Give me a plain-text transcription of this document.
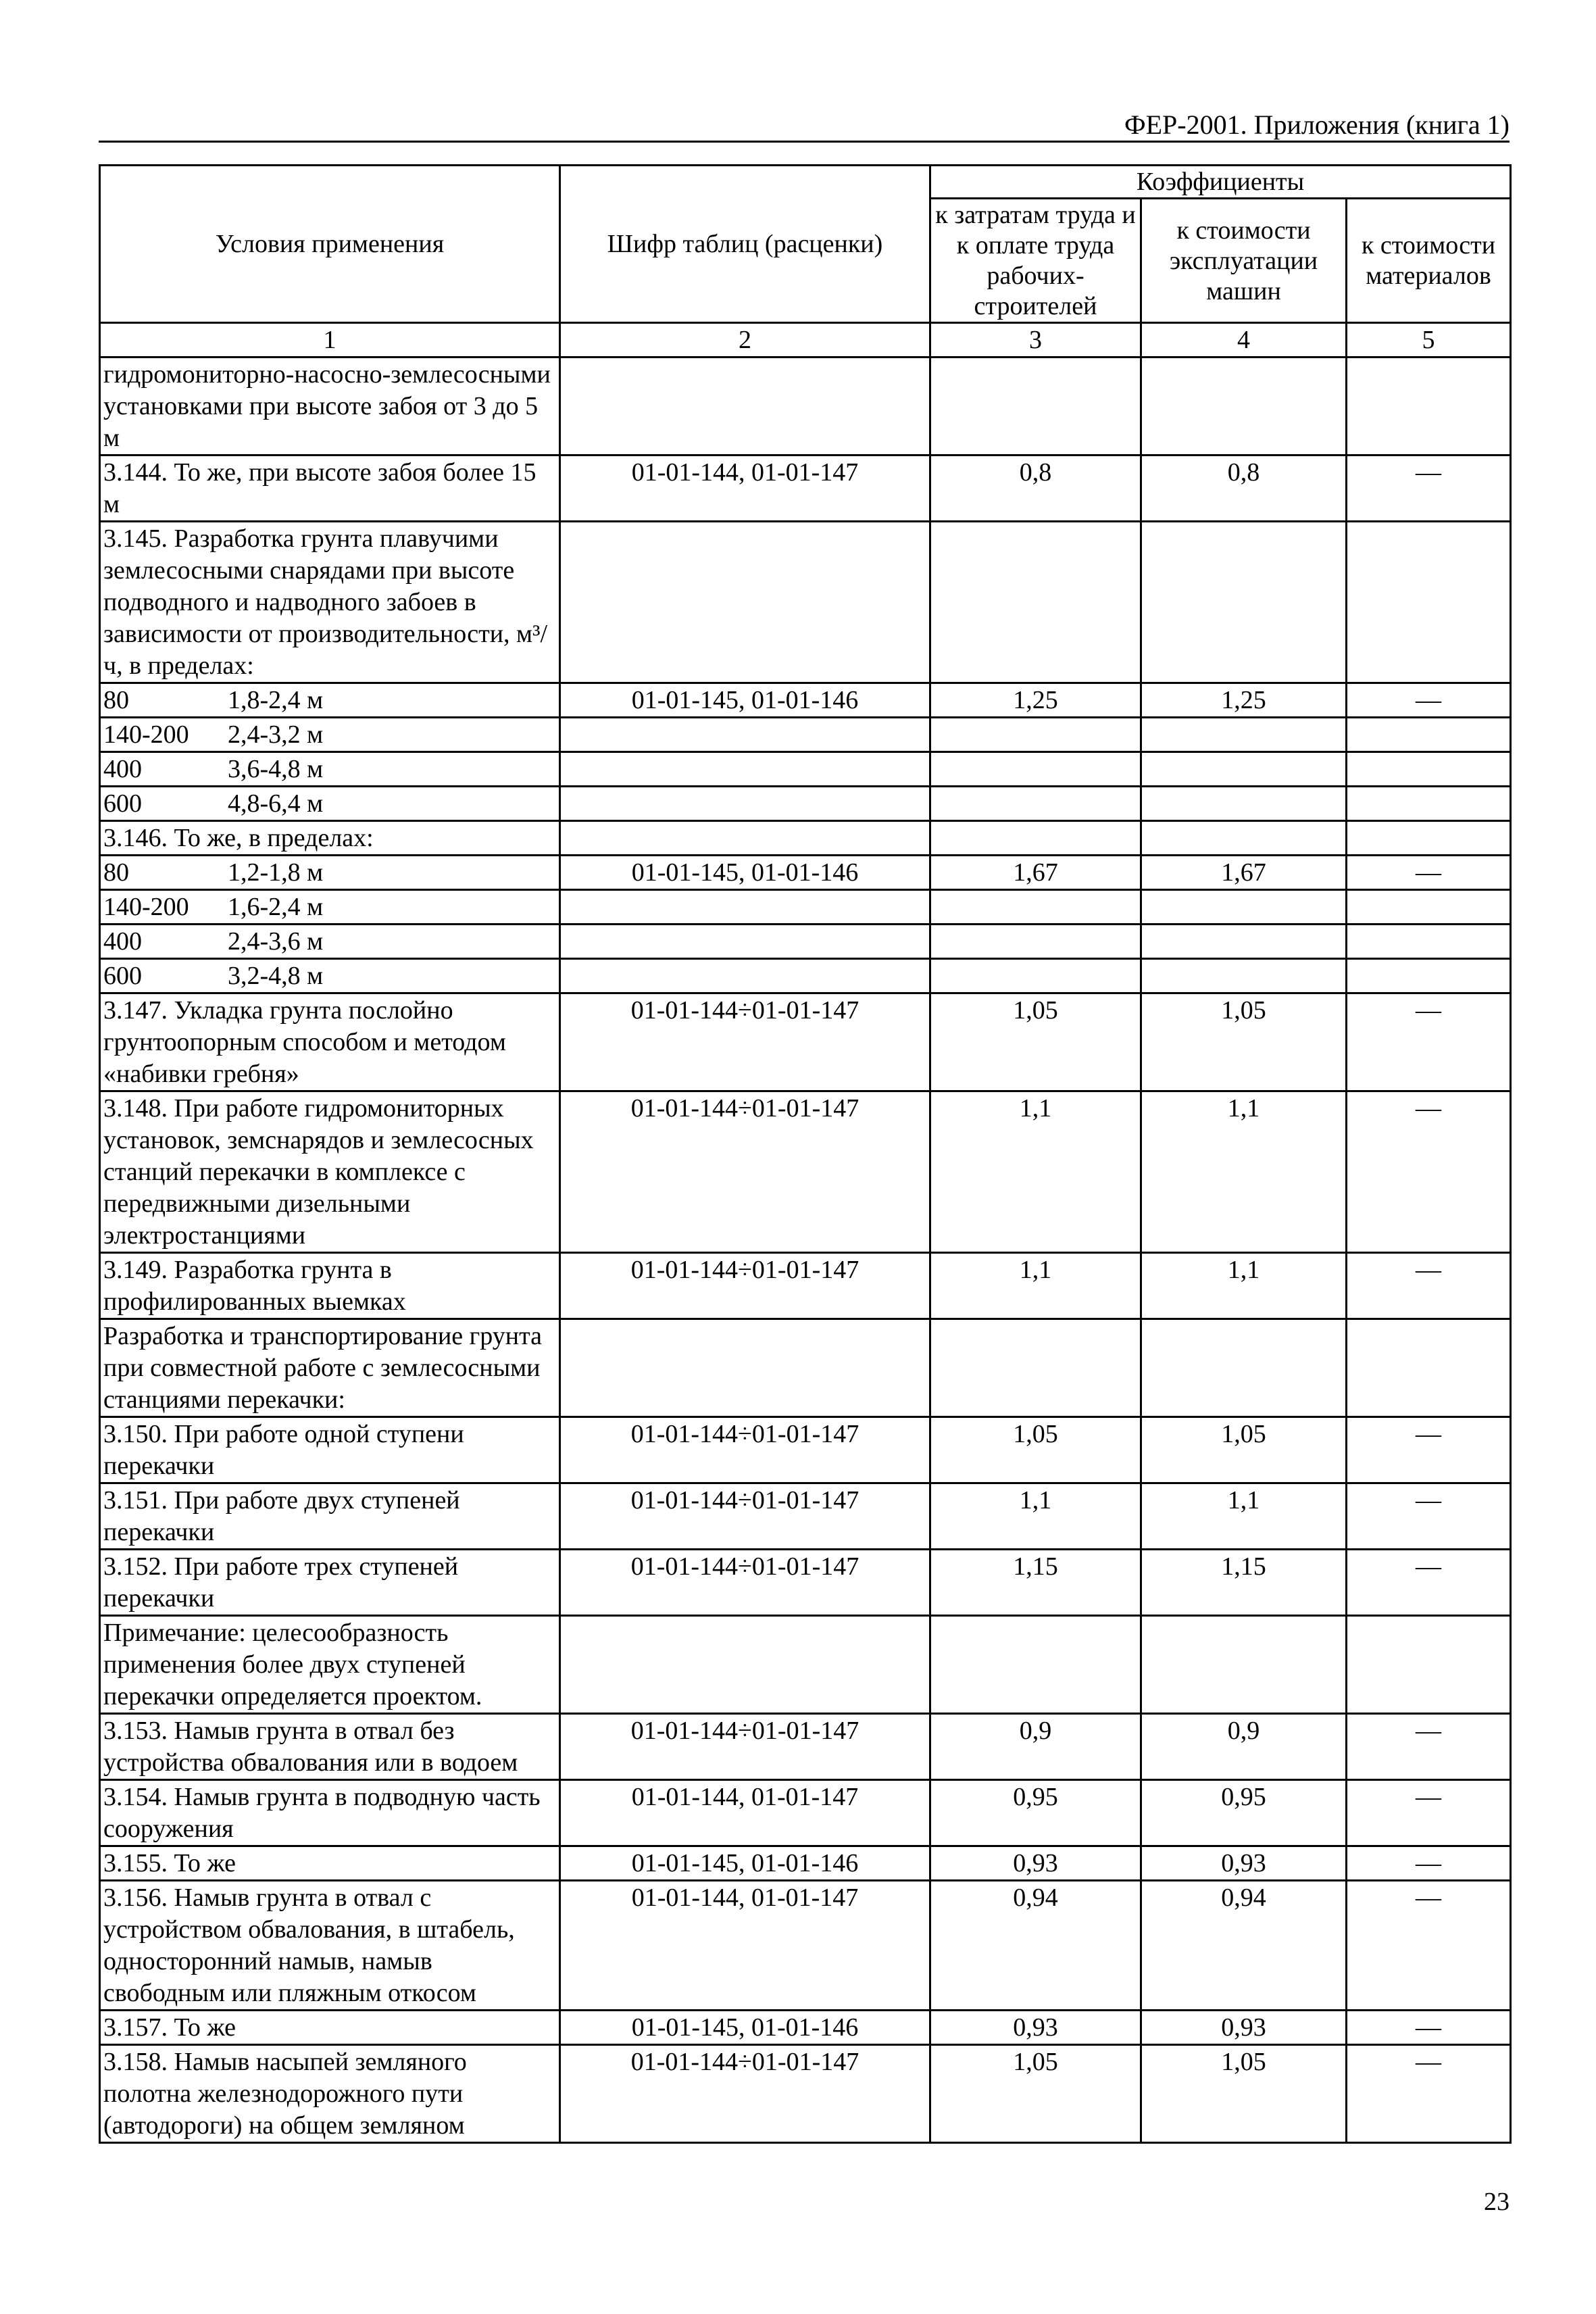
ФЕР-2001. Приложения (книга 1)
Условия применения	Шифр таблиц (расценки)	Коэффициенты		
		к затратам труда и к оплате труда рабочих-строителей	к стоимости эксплуатации машин	к стоимости материалов
1	2	3	4	5
гидромониторно-насосно-землесосными установками при высоте забоя от 3 до 5 м				
3.144. То же, при высоте забоя более 15 м	01-01-144, 01-01-147	0,8	0,8	—
3.145. Разработка грунта плавучими землесосными снарядами при высоте подводного и надводного забоев в зависимости от производительности, м³/ч, в пределах:				
80 1,8-2,4 м	01-01-145, 01-01-146	1,25	1,25	—
140-200 2,4-3,2 м				
400 3,6-4,8 м				
600 4,8-6,4 м				
3.146. То же, в пределах:				
80 1,2-1,8 м	01-01-145, 01-01-146	1,67	1,67	—
140-200 1,6-2,4 м				
400 2,4-3,6 м				
600 3,2-4,8 м				
3.147. Укладка грунта послойно грунтоопорным способом и методом «набивки гребня»	01-01-144÷01-01-147	1,05	1,05	—
3.148. При работе гидромониторных установок, земснарядов и землесосных станций перекачки в комплексе с передвижными дизельными электростанциями	01-01-144÷01-01-147	1,1	1,1	—
3.149. Разработка грунта в профилированных выемках	01-01-144÷01-01-147	1,1	1,1	—
Разработка и транспортирование грунта при совместной работе с землесосными станциями перекачки:				
3.150. При работе одной ступени перекачки	01-01-144÷01-01-147	1,05	1,05	—
3.151. При работе двух ступеней перекачки	01-01-144÷01-01-147	1,1	1,1	—
3.152. При работе трех ступеней перекачки	01-01-144÷01-01-147	1,15	1,15	—
Примечание: целесообразность применения более двух ступеней перекачки определяется проектом.				
3.153. Намыв грунта в отвал без устройства обвалования или в водоем	01-01-144÷01-01-147	0,9	0,9	—
3.154. Намыв грунта в подводную часть сооружения	01-01-144, 01-01-147	0,95	0,95	—
3.155. То же	01-01-145, 01-01-146	0,93	0,93	—
3.156. Намыв грунта в отвал с устройством обвалования, в штабель, односторонний намыв, намыв свободным или пляжным откосом	01-01-144, 01-01-147	0,94	0,94	—
3.157. То же	01-01-145, 01-01-146	0,93	0,93	—
3.158. Намыв насыпей земляного полотна железнодорожного пути (автодороги) на общем земляном	01-01-144÷01-01-147	1,05	1,05	—
23
